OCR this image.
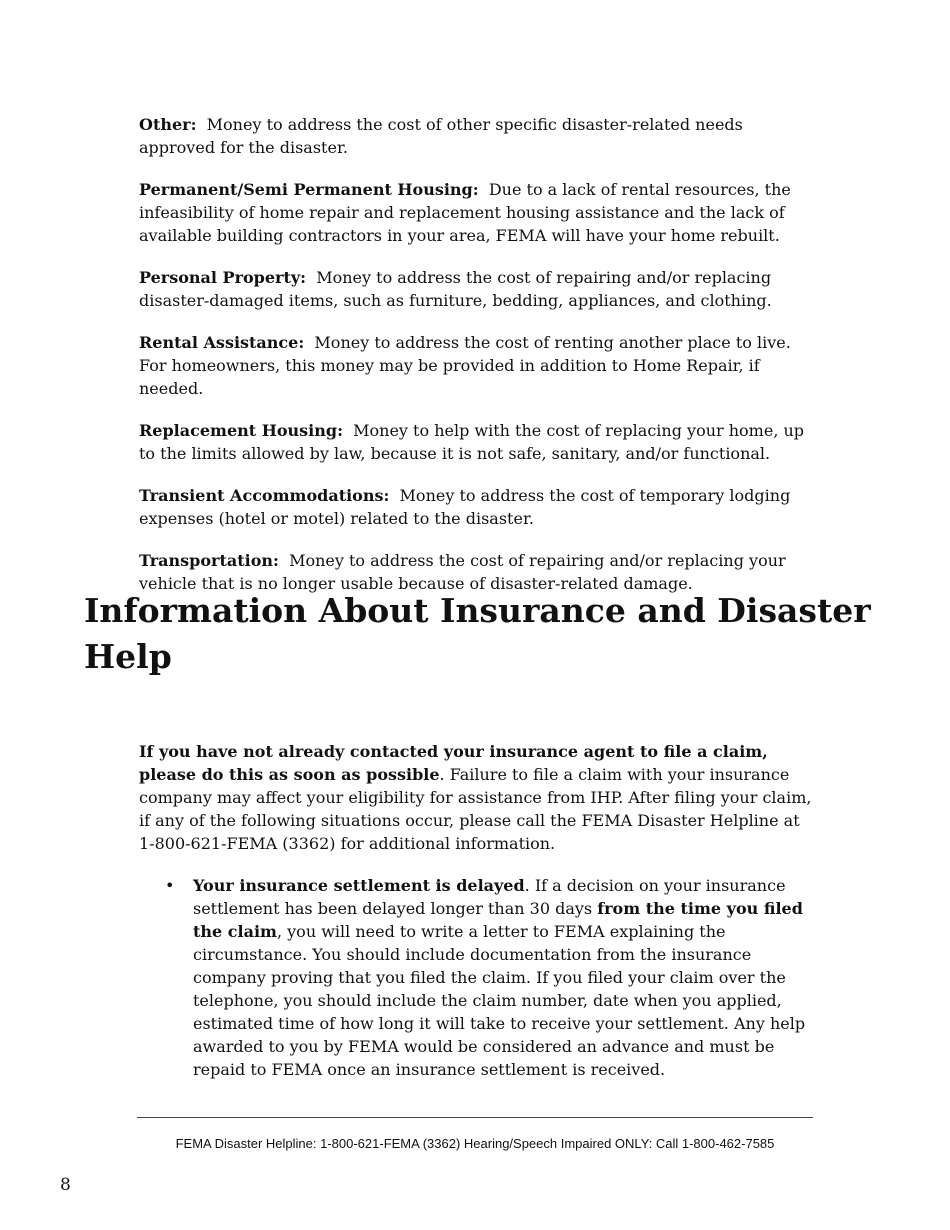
Other: Money to address the cost of other specific disaster-related needs approved for the disaster.

Permanent/Semi Permanent Housing: Due to a lack of rental resources, the infeasibility of home repair and replacement housing assistance and the lack of available building contractors in your area, FEMA will have your home rebuilt.

Personal Property: Money to address the cost of repairing and/or replacing disaster-damaged items, such as furniture, bedding, appliances, and clothing.

Rental Assistance: Money to address the cost of renting another place to live. For homeowners, this money may be provided in addition to Home Repair, if needed.

Replacement Housing: Money to help with the cost of replacing your home, up to the limits allowed by law, because it is not safe, sanitary, and/or functional.

Transient Accommodations: Money to address the cost of temporary lodging expenses (hotel or motel) related to the disaster.

Transportation: Money to address the cost of repairing and/or replacing your vehicle that is no longer usable because of disaster-related damage.

Information About Insurance and Disaster Help

If you have not already contacted your insurance agent to file a claim, please do this as soon as possible. Failure to file a claim with your insurance company may affect your eligibility for assistance from IHP. After filing your claim, if any of the following situations occur, please call the FEMA Disaster Helpline at 1-800-621-FEMA (3362) for additional information.

•	Your insurance settlement is delayed. If a decision on your insurance settlement has been delayed longer than 30 days from the time you filed the claim, you will need to write a letter to FEMA explaining the circumstance. You should include documentation from the insurance company proving that you filed the claim. If you filed your claim over the telephone, you should include the claim number, date when you applied, estimated time of how long it will take to receive your settlement. Any help awarded to you by FEMA would be considered an advance and must be repaid to FEMA once an insurance settlement is received.
FEMA Disaster Helpline: 1-800-621-FEMA (3362) Hearing/Speech Impaired ONLY: Call 1-800-462-7585
8
